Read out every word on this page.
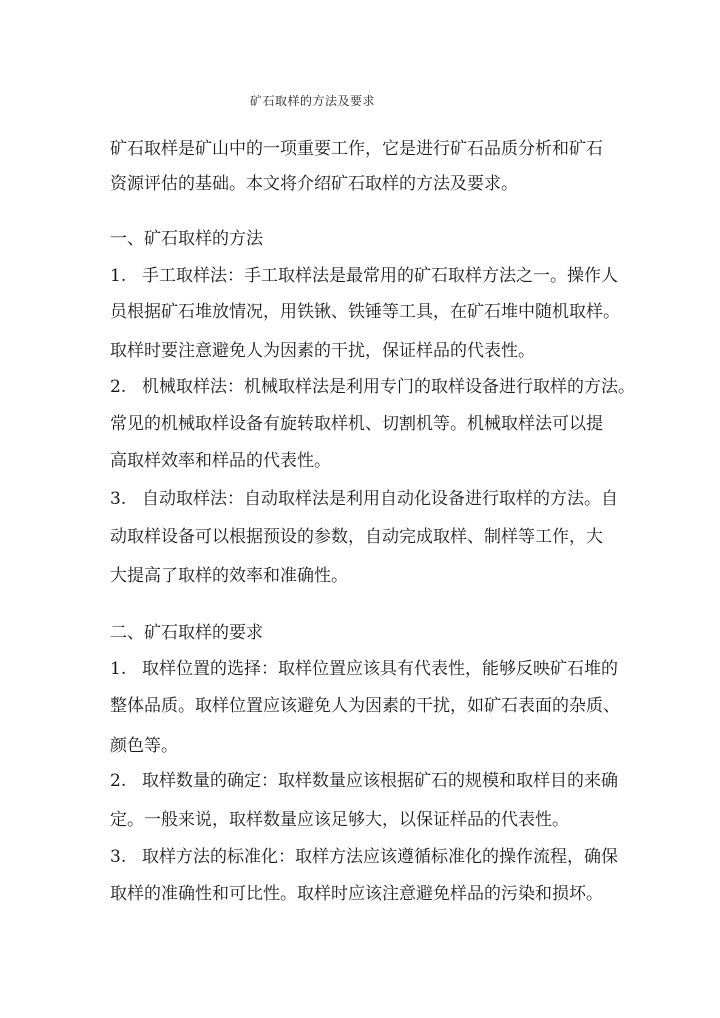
矿石取样的方法及要求
矿石取样是矿山中的一项重要工作，它是进行矿石品质分析和矿石
资源评估的基础。本文将介绍矿石取样的方法及要求。
一、矿石取样的方法
1. 手工取样法：手工取样法是最常用的矿石取样方法之一。操作人
员根据矿石堆放情况，用铁锹、铁锤等工具，在矿石堆中随机取样。
取样时要注意避免人为因素的干扰，保证样品的代表性。
2. 机械取样法：机械取样法是利用专门的取样设备进行取样的方法。
常见的机械取样设备有旋转取样机、切割机等。机械取样法可以提
高取样效率和样品的代表性。
3. 自动取样法：自动取样法是利用自动化设备进行取样的方法。自
动取样设备可以根据预设的参数，自动完成取样、制样等工作，大
大提高了取样的效率和准确性。
二、矿石取样的要求
1. 取样位置的选择：取样位置应该具有代表性，能够反映矿石堆的
整体品质。取样位置应该避免人为因素的干扰，如矿石表面的杂质、
颜色等。
2. 取样数量的确定：取样数量应该根据矿石的规模和取样目的来确
定。一般来说，取样数量应该足够大，以保证样品的代表性。
3. 取样方法的标准化：取样方法应该遵循标准化的操作流程，确保
取样的准确性和可比性。取样时应该注意避免样品的污染和损坏。
